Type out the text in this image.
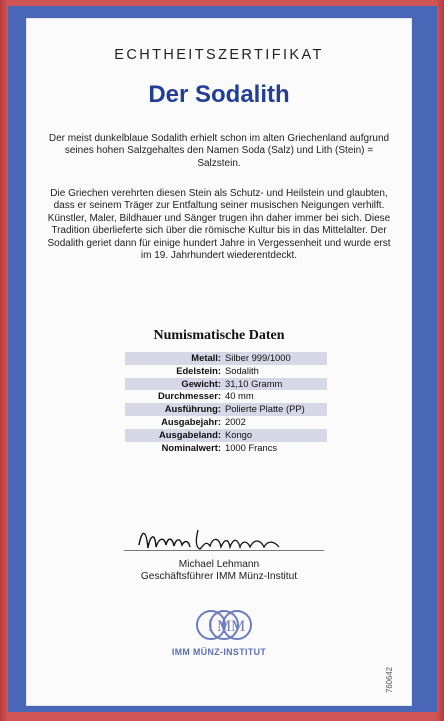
ECHTHEITSZERTIFIKAT
Der Sodalith

Der meist dunkelblaue Sodalith erhielt schon im alten Griechenland aufgrund seines hohen Salzgehaltes den Namen Soda (Salz) und Lith (Stein) = Salzstein.

Die Griechen verehrten diesen Stein als Schutz- und Heilstein und glaubten, dass er seinem Träger zur Entfaltung seiner musischen Neigungen verhilft. Künstler, Maler, Bildhauer und Sänger trugen ihn daher immer bei sich. Diese Tradition überlieferte sich über die römische Kultur bis in das Mittelalter. Der Sodalith geriet dann für einige hundert Jahre in Vergessenheit und wurde erst im 19. Jahrhundert wiederentdeckt.

Numismatische Daten
Metall: Silber 999/1000
Edelstein: Sodalith
Gewicht: 31,10 Gramm
Durchmesser: 40 mm
Ausführung: Polierte Platte (PP)
Ausgabejahr: 2002
Ausgabeland: Kongo
Nominalwert: 1000 Francs
Michael Lehmann
Geschäftsführer IMM Münz-Institut
I M M
IMM MÜNZ-INSTITUT
760642
